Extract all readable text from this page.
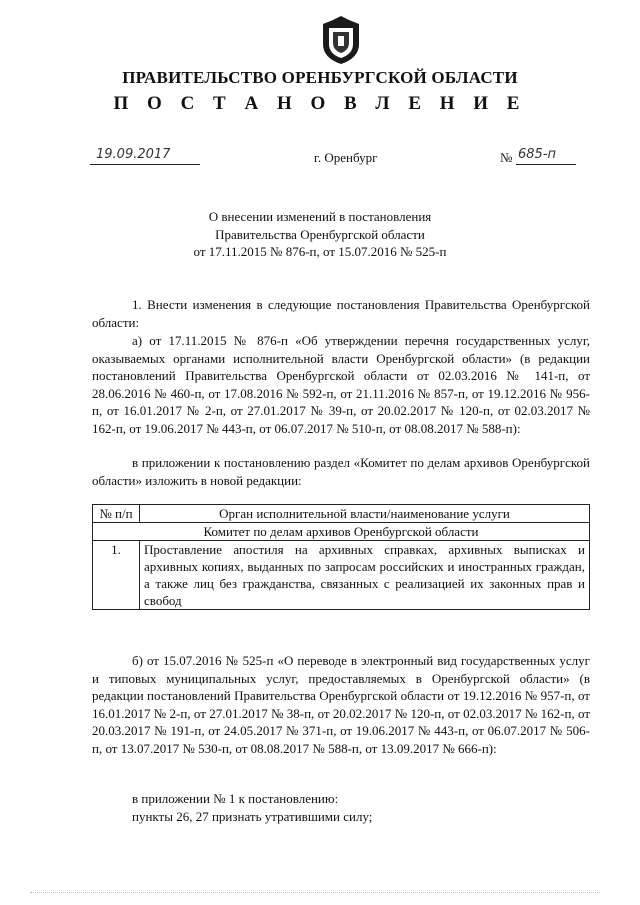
ПРАВИТЕЛЬСТВО ОРЕНБУРГСКОЙ ОБЛАСТИ
П О С Т А Н О В Л Е Н И Е
19.09.2017	г. Оренбург	№ 685-п
О внесении изменений в постановления
Правительства Оренбургской области
от 17.11.2015 № 876-п, от 15.07.2016 № 525-п
1. Внести изменения в следующие постановления Правительства Оренбургской области:
а) от 17.11.2015 № 876-п «Об утверждении перечня государственных услуг, оказываемых органами исполнительной власти Оренбургской области» (в редакции постановлений Правительства Оренбургской области от 02.03.2016 № 141-п, от 28.06.2016 № 460-п, от 17.08.2016 № 592-п, от 21.11.2016 № 857-п, от 19.12.2016 № 956-п, от 16.01.2017 № 2-п, от 27.01.2017 № 39-п, от 20.02.2017 № 120-п, от 02.03.2017 № 162-п, от 19.06.2017 № 443-п, от 06.07.2017 № 510-п, от 08.08.2017 № 588-п):
в приложении к постановлению раздел «Комитет по делам архивов Оренбургской области» изложить в новой редакции:
№ п/п	Орган исполнительной власти/наименование услуги
Комитет по делам архивов Оренбургской области	
1.	Проставление апостиля на архивных справках, архивных выписках и архивных копиях, выданных по запросам российских и иностранных граждан, а также лиц без гражданства, связанных с реализацией их законных прав и свобод
б) от 15.07.2016 № 525-п «О переводе в электронный вид государственных услуг и типовых муниципальных услуг, предоставляемых в Оренбургской области» (в редакции постановлений Правительства Оренбургской области от 19.12.2016 № 957-п, от 16.01.2017 № 2-п, от 27.01.2017 № 38-п, от 20.02.2017 № 120-п, от 02.03.2017 № 162-п, от 20.03.2017 № 191-п, от 24.05.2017 № 371-п, от 19.06.2017 № 443-п, от 06.07.2017 № 506-п, от 13.07.2017 № 530-п, от 08.08.2017 № 588-п, от 13.09.2017 № 666-п):
в приложении № 1 к постановлению:
пункты 26, 27 признать утратившими силу;
